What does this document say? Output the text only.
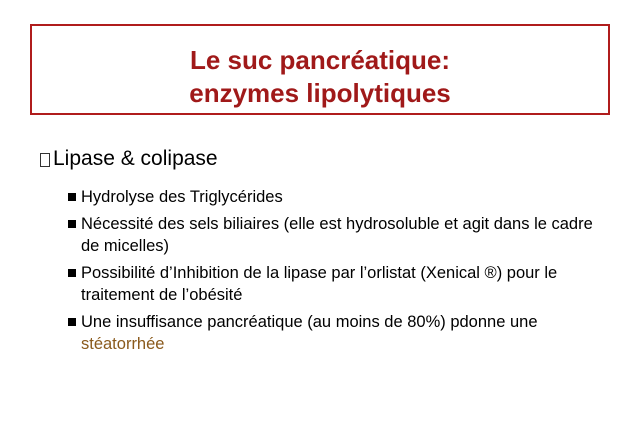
Le suc pancréatique:
enzymes lipolytiques
Lipase & colipase
Hydrolyse des Triglycérides
Nécessité des sels biliaires (elle est hydrosoluble et agit dans le cadre de micelles)
Possibilité d’Inhibition de la lipase par l’orlistat (Xenical ®) pour le traitement de l’obésité
Une insuffisance pancréatique (au moins de 80%) pdonne une stéatorrhée
